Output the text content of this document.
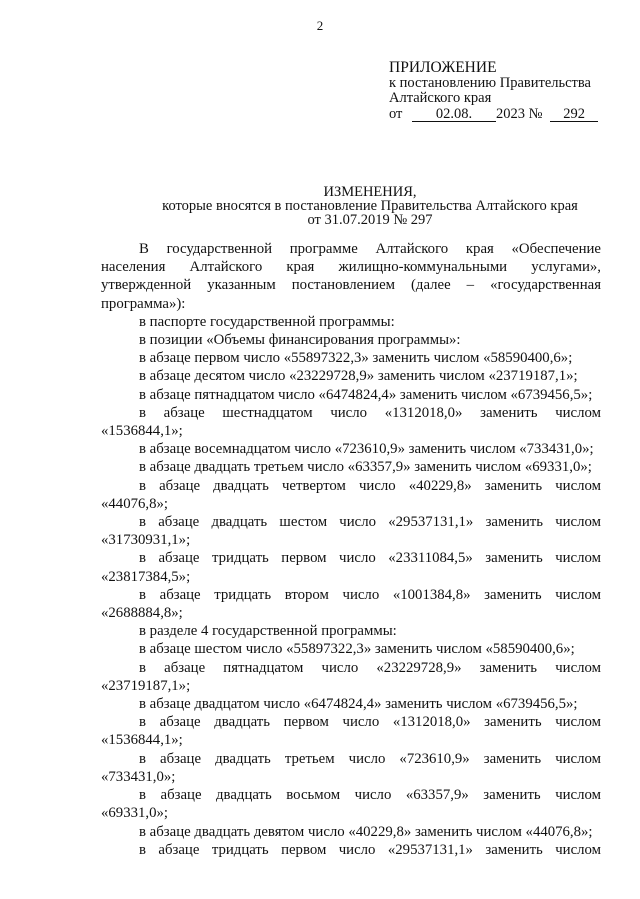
2
ПРИЛОЖЕНИЕ
к постановлению Правительства
Алтайского края
от 02.08. 2023 № 292
ИЗМЕНЕНИЯ,
которые вносятся в постановление Правительства Алтайского края
от 31.07.2019 № 297
В государственной программе Алтайского края «Обеспечение
населения Алтайского края жилищно-коммунальными услугами»,
утвержденной указанным постановлением (далее – «государственная
программа»):
в паспорте государственной программы:
в позиции «Объемы финансирования программы»:
в абзаце первом число «55897322,3» заменить числом «58590400,6»;
в абзаце десятом число «23229728,9» заменить числом «23719187,1»;
в абзаце пятнадцатом число «6474824,4» заменить числом «6739456,5»;
в абзаце шестнадцатом число «1312018,0» заменить числом
«1536844,1»;
в абзаце восемнадцатом число «723610,9» заменить числом «733431,0»;
в абзаце двадцать третьем число «63357,9» заменить числом «69331,0»;
в абзаце двадцать четвертом число «40229,8» заменить числом
«44076,8»;
в абзаце двадцать шестом число «29537131,1» заменить числом
«31730931,1»;
в абзаце тридцать первом число «23311084,5» заменить числом
«23817384,5»;
в абзаце тридцать втором число «1001384,8» заменить числом
«2688884,8»;
в разделе 4 государственной программы:
в абзаце шестом число «55897322,3» заменить числом «58590400,6»;
в абзаце пятнадцатом число «23229728,9» заменить числом
«23719187,1»;
в абзаце двадцатом число «6474824,4» заменить числом «6739456,5»;
в абзаце двадцать первом число «1312018,0» заменить числом
«1536844,1»;
в абзаце двадцать третьем число «723610,9» заменить числом
«733431,0»;
в абзаце двадцать восьмом число «63357,9» заменить числом
«69331,0»;
в абзаце двадцать девятом число «40229,8» заменить числом «44076,8»;
в абзаце тридцать первом число «29537131,1» заменить числом
